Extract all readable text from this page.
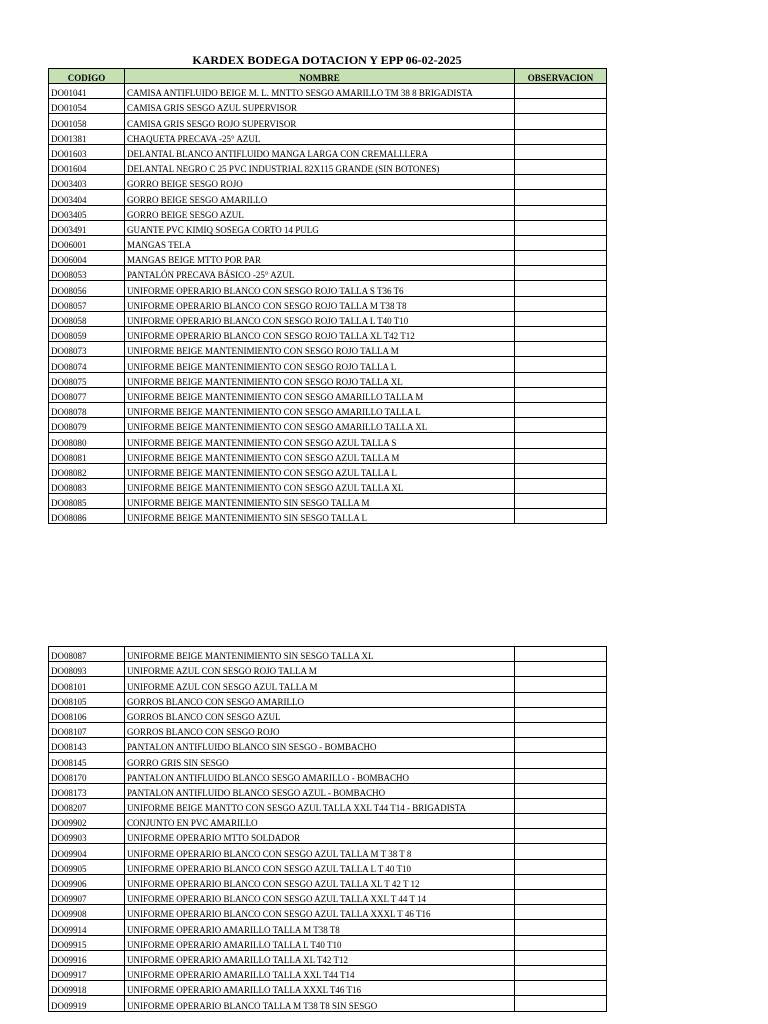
KARDEX BODEGA DOTACION Y EPP 06-02-2025
CODIGO	NOMBRE	OBSERVACION
DO01041	CAMISA ANTIFLUIDO BEIGE M. L. MNTTO SESGO AMARILLO TM 38 8 BRIGADISTA	
DO01054	CAMISA GRIS SESGO AZUL SUPERVISOR	
DO01058	CAMISA GRIS SESGO ROJO SUPERVISOR	
DO01381	CHAQUETA PRECAVA -25° AZUL	
DO01603	DELANTAL BLANCO ANTIFLUIDO MANGA LARGA CON CREMALLLERA	
DO01604	DELANTAL NEGRO C 25 PVC INDUSTRIAL 82X115 GRANDE (SIN BOTONES)	
DO03403	GORRO BEIGE SESGO ROJO	
DO03404	GORRO BEIGE SESGO AMARILLO	
DO03405	GORRO BEIGE SESGO AZUL	
DO03491	GUANTE PVC KIMIQ SOSEGA CORTO 14 PULG	
DO06001	MANGAS TELA	
DO06004	MANGAS BEIGE MTTO POR PAR	
DO08053	PANTALÓN PRECAVA BÁSICO -25° AZUL	
DO08056	UNIFORME OPERARIO BLANCO CON SESGO ROJO TALLA S T36 T6	
DO08057	UNIFORME OPERARIO BLANCO CON SESGO ROJO TALLA M T38 T8	
DO08058	UNIFORME OPERARIO BLANCO CON SESGO ROJO TALLA L T40 T10	
DO08059	UNIFORME OPERARIO BLANCO CON SESGO ROJO TALLA XL T42 T12	
DO08073	UNIFORME BEIGE MANTENIMIENTO CON SESGO ROJO TALLA M	
DO08074	UNIFORME BEIGE MANTENIMIENTO CON SESGO ROJO TALLA L	
DO08075	UNIFORME BEIGE MANTENIMIENTO CON SESGO ROJO TALLA XL	
DO08077	UNIFORME BEIGE MANTENIMIENTO CON SESGO AMARILLO TALLA M	
DO08078	UNIFORME BEIGE MANTENIMIENTO CON SESGO AMARILLO TALLA L	
DO08079	UNIFORME BEIGE MANTENIMIENTO CON SESGO AMARILLO TALLA XL	
DO08080	UNIFORME BEIGE MANTENIMIENTO CON SESGO AZUL TALLA S	
DO08081	UNIFORME BEIGE MANTENIMIENTO CON SESGO AZUL TALLA M	
DO08082	UNIFORME BEIGE MANTENIMIENTO CON SESGO AZUL TALLA L	
DO08083	UNIFORME BEIGE MANTENIMIENTO CON SESGO AZUL TALLA XL	
DO08085	UNIFORME BEIGE MANTENIMIENTO SIN SESGO TALLA M	
DO08086	UNIFORME BEIGE MANTENIMIENTO SIN SESGO TALLA L	
DO08087	UNIFORME BEIGE MANTENIMIENTO SIN SESGO TALLA XL	
DO08093	UNIFORME AZUL CON SESGO ROJO TALLA M	
DO08101	UNIFORME AZUL CON SESGO AZUL TALLA M	
DO08105	GORROS BLANCO CON SESGO AMARILLO	
DO08106	GORROS BLANCO CON SESGO AZUL	
DO08107	GORROS BLANCO CON SESGO ROJO	
DO08143	PANTALON ANTIFLUIDO BLANCO SIN SESGO - BOMBACHO	
DO08145	GORRO GRIS SIN SESGO	
DO08170	PANTALON ANTIFLUIDO BLANCO SESGO AMARILLO - BOMBACHO	
DO08173	PANTALON ANTIFLUIDO BLANCO SESGO AZUL - BOMBACHO	
DO08207	UNIFORME BEIGE MANTTO CON SESGO AZUL TALLA XXL T44 T14 - BRIGADISTA	
DO09902	CONJUNTO EN PVC AMARILLO	
DO09903	UNIFORME OPERARIO MTTO SOLDADOR	
DO09904	UNIFORME OPERARIO BLANCO CON SESGO AZUL TALLA M T 38 T 8	
DO09905	UNIFORME OPERARIO BLANCO CON SESGO AZUL TALLA L T 40 T10	
DO09906	UNIFORME OPERARIO BLANCO CON SESGO AZUL TALLA XL T 42 T 12	
DO09907	UNIFORME OPERARIO BLANCO CON SESGO AZUL TALLA XXL T 44 T 14	
DO09908	UNIFORME OPERARIO BLANCO CON SESGO AZUL TALLA XXXL T 46 T16	
DO09914	UNIFORME OPERARIO AMARILLO TALLA M T38 T8	
DO09915	UNIFORME OPERARIO AMARILLO TALLA L T40 T10	
DO09916	UNIFORME OPERARIO AMARILLO TALLA XL T42 T12	
DO09917	UNIFORME OPERARIO AMARILLO TALLA XXL T44 T14	
DO09918	UNIFORME OPERARIO AMARILLO TALLA XXXL T46 T16	
DO09919	UNIFORME OPERARIO BLANCO TALLA M T38 T8 SIN SESGO	
